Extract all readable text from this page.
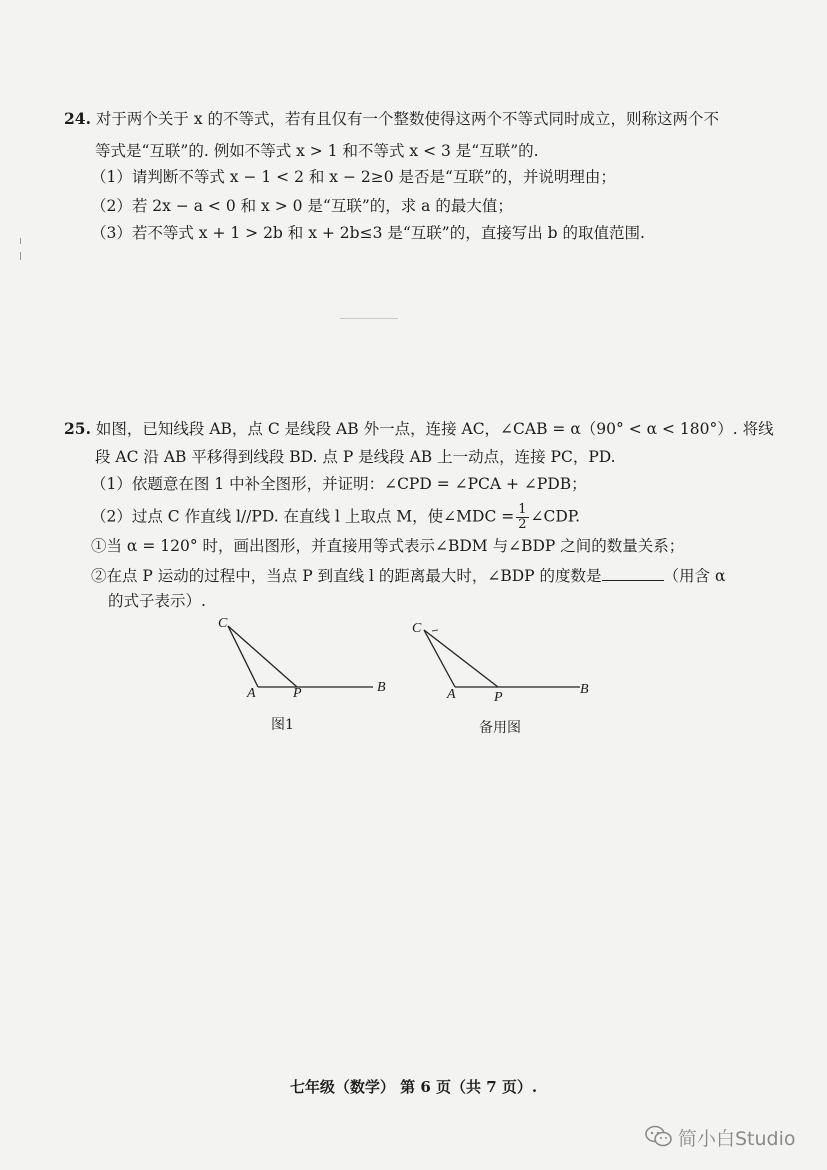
24. 对于两个关于 x 的不等式，若有且仅有一个整数使得这两个不等式同时成立，则称这两个不
等式是“互联”的. 例如不等式 x > 1 和不等式 x < 3 是“互联”的.
（1）请判断不等式 x − 1 < 2 和 x − 2≥0 是否是“互联”的，并说明理由；
（2）若 2x − a < 0 和 x > 0 是“互联”的，求 a 的最大值；
（3）若不等式 x + 1 > 2b 和 x + 2b≤3 是“互联”的，直接写出 b 的取值范围.
25. 如图，已知线段 AB，点 C 是线段 AB 外一点，连接 AC，∠CAB = α（90° < α < 180°）. 将线
段 AC 沿 AB 平移得到线段 BD. 点 P 是线段 AB 上一动点，连接 PC，PD.
（1）依题意在图 1 中补全图形，并证明：∠CPD = ∠PCA + ∠PDB；
（2）过点 C 作直线 l//PD. 在直线 l 上取点 M，使∠MDC = $\frac{1}{2}$ ∠CDP.
①当 α = 120° 时，画出图形，并直接用等式表示∠BDM 与∠BDP 之间的数量关系；
②在点 P 运动的过程中，当点 P 到直线 l 的距离最大时，∠BDP 的度数是	（用含 α
的式子表示）.
C
A	P	B
图1
C
A	P
B
备用图
七年级（数学） 第 6 页（共 7 页）.
简小白Studio
